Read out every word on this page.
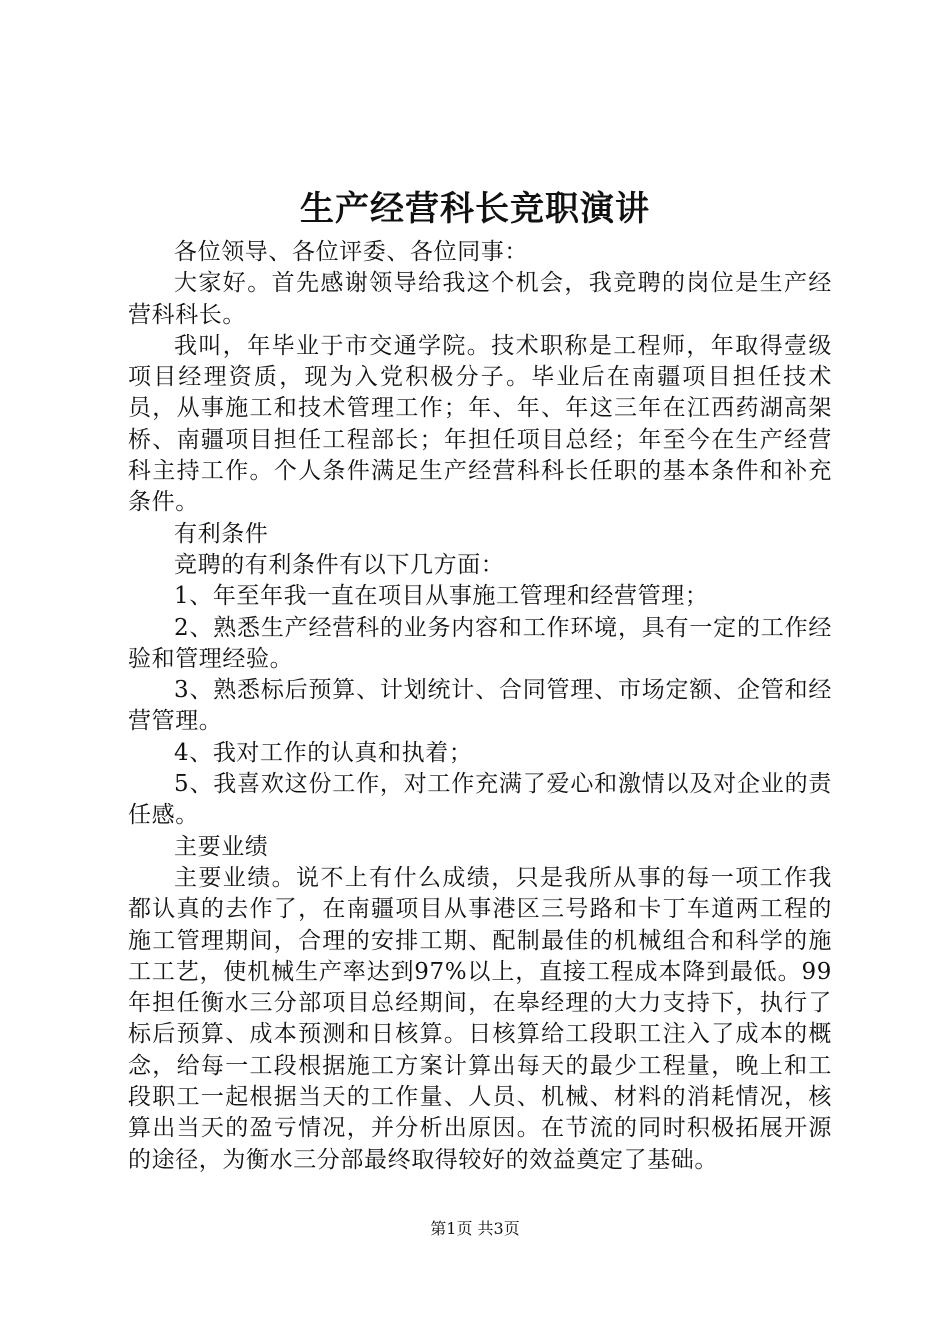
生产经营科长竞职演讲

各位领导、各位评委、各位同事：

大家好。首先感谢领导给我这个机会，我竞聘的岗位是生产经营科科长。

我叫，年毕业于市交通学院。技术职称是工程师，年取得壹级项目经理资质，现为入党积极分子。毕业后在南疆项目担任技术员，从事施工和技术管理工作；年、年、年这三年在江西药湖高架桥、南疆项目担任工程部长；年担任项目总经；年至今在生产经营科主持工作。个人条件满足生产经营科科长任职的基本条件和补充条件。

有利条件

竞聘的有利条件有以下几方面：

1、年至年我一直在项目从事施工管理和经营管理；

2、熟悉生产经营科的业务内容和工作环境，具有一定的工作经验和管理经验。

3、熟悉标后预算、计划统计、合同管理、市场定额、企管和经营管理。

4、我对工作的认真和执着；

5、我喜欢这份工作，对工作充满了爱心和激情以及对企业的责任感。

主要业绩

主要业绩。说不上有什么成绩，只是我所从事的每一项工作我都认真的去作了，在南疆项目从事港区三号路和卡丁车道两工程的施工管理期间，合理的安排工期、配制最佳的机械组合和科学的施工工艺，使机械生产率达到97%以上，直接工程成本降到最低。99年担任衡水三分部项目总经期间，在皋经理的大力支持下，执行了标后预算、成本预测和日核算。日核算给工段职工注入了成本的概念，给每一工段根据施工方案计算出每天的最少工程量，晚上和工段职工一起根据当天的工作量、人员、机械、材料的消耗情况，核算出当天的盈亏情况，并分析出原因。在节流的同时积极拓展开源的途径，为衡水三分部最终取得较好的效益奠定了基础。

第1页 共3页
